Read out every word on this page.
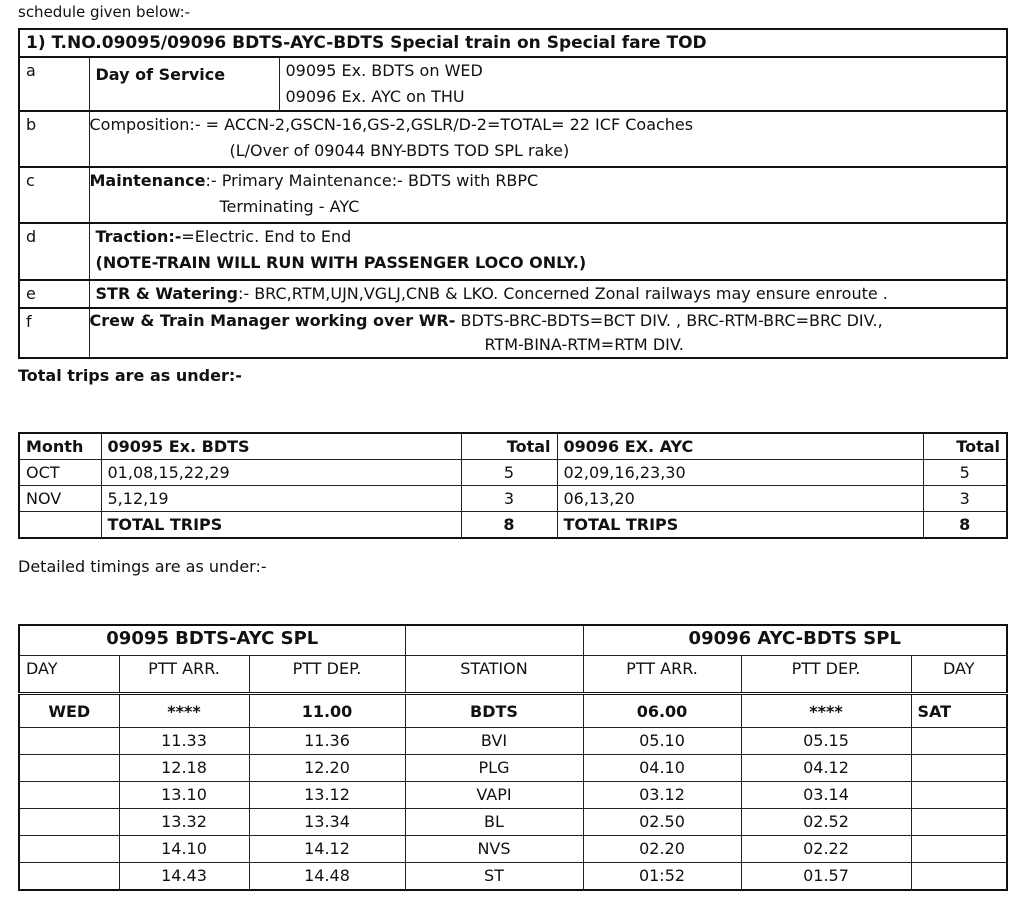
schedule given below:-
1) T.NO.09095/09096 BDTS-AYC-BDTS Special train on Special fare TOD		
a	Day of Service	09095 Ex. BDTS on WED
09096 Ex. AYC on THU

b	Composition:- = ACCN-2,GSCN-16,GS-2,GSLR/D-2=TOTAL= 22 ICF Coaches
(L/Over of 09044 BNY-BDTS TOD SPL rake)	

c	Maintenance:- Primary Maintenance:- BDTS with RBPC
Terminating - AYC	

d	Traction:-=Electric. End to End
(NOTE-TRAIN WILL RUN WITH PASSENGER LOCO ONLY.)	

e	STR & Watering:- BRC,RTM,UJN,VGLJ,CNB & LKO. Concerned Zonal railways may ensure enroute .	
f	Crew & Train Manager working over WR- BDTS-BRC-BDTS=BCT DIV. , BRC-RTM-BRC=BRC DIV.,
RTM-BINA-RTM=RTM DIV.	
Total trips are as under:-
Month	09095 Ex. BDTS	Total	09096 EX. AYC	Total
OCT	01,08,15,22,29	5	02,09,16,23,30	5
NOV	5,12,19	3	06,13,20	3
	TOTAL TRIPS	8	TOTAL TRIPS	8
Detailed timings are as under:-
09095 BDTS-AYC SPL				09096 AYC-BDTS SPL		
DAY	PTT ARR.	PTT DEP.	STATION	PTT ARR.	PTT DEP.	DAY
WED	****	11.00	BDTS	06.00	****	SAT
	11.33	11.36	BVI	05.10	05.15	
	12.18	12.20	PLG	04.10	04.12	
	13.10	13.12	VAPI	03.12	03.14	
	13.32	13.34	BL	02.50	02.52	
	14.10	14.12	NVS	02.20	02.22	
	14.43	14.48	ST	01:52	01.57	
